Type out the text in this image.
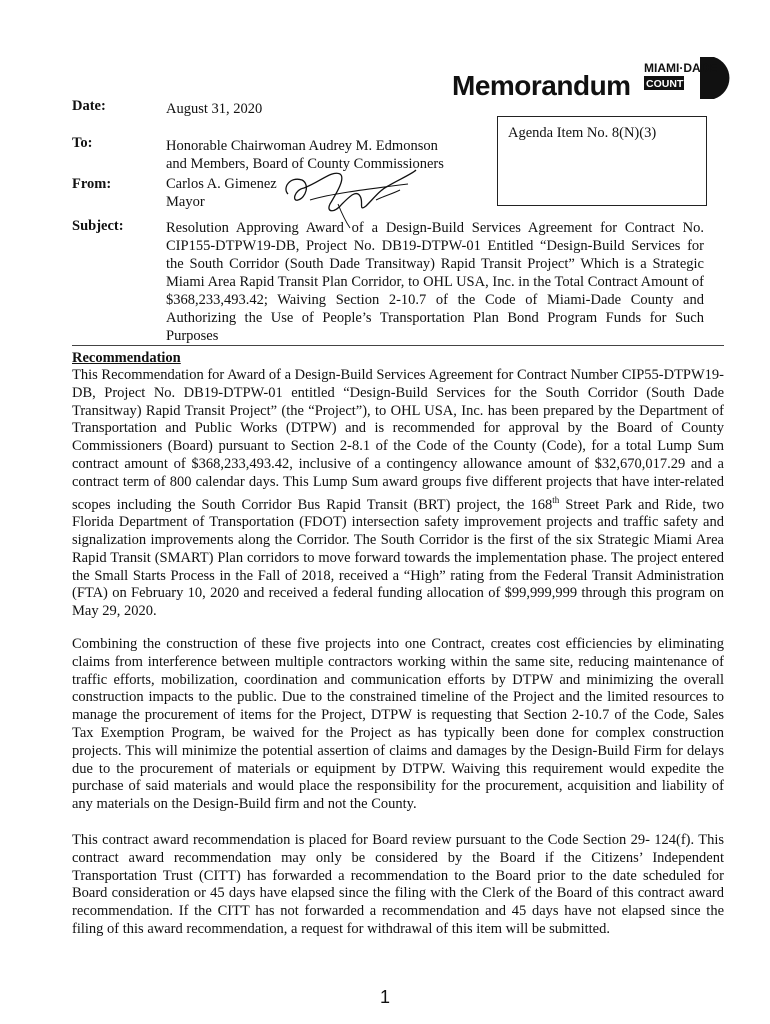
Memorandum
MIAMI·DADE
COUNTY
Date:	August 31, 2020
To:	Honorable Chairwoman Audrey M. Edmonson
and Members, Board of County Commissioners
From:	Carlos A. Gimenez
Mayor
Agenda Item No. 8(N)(3)
Subject:	Resolution Approving Award of a Design-Build Services Agreement for Contract No. CIP155-DTPW19-DB, Project No. DB19-DTPW-01 Entitled “Design-Build Services for the South Corridor (South Dade Transitway) Rapid Transit Project” Which is a Strategic Miami Area Rapid Transit Plan Corridor, to OHL USA, Inc. in the Total Contract Amount of $368,233,493.42; Waiving Section 2-10.7 of the Code of Miami-Dade County and Authorizing the Use of People’s Transportation Plan Bond Program Funds for Such Purposes
Recommendation

This Recommendation for Award of a Design-Build Services Agreement for Contract Number CIP55-DTPW19-DB, Project No. DB19-DTPW-01 entitled “Design-Build Services for the South Corridor (South Dade Transitway) Rapid Transit Project” (the “Project”), to OHL USA, Inc. has been prepared by the Department of Transportation and Public Works (DTPW) and is recommended for approval by the Board of County Commissioners (Board) pursuant to Section 2-8.1 of the Code of the County (Code), for a total Lump Sum contract amount of $368,233,493.42, inclusive of a contingency allowance amount of $32,670,017.29 and a contract term of 800 calendar days. This Lump Sum award groups five different projects that have inter-related scopes including the South Corridor Bus Rapid Transit (BRT) project, the 168th Street Park and Ride, two Florida Department of Transportation (FDOT) intersection safety improvement projects and traffic safety and signalization improvements along the Corridor. The South Corridor is the first of the six Strategic Miami Area Rapid Transit (SMART) Plan corridors to move forward towards the implementation phase. The project entered the Small Starts Process in the Fall of 2018, received a “High” rating from the Federal Transit Administration (FTA) on February 10, 2020 and received a federal funding allocation of $99,999,999 through this program on May 29, 2020.

Combining the construction of these five projects into one Contract, creates cost efficiencies by eliminating claims from interference between multiple contractors working within the same site, reducing maintenance of traffic efforts, mobilization, coordination and communication efforts by DTPW and minimizing the overall construction impacts to the public. Due to the constrained timeline of the Project and the limited resources to manage the procurement of items for the Project, DTPW is requesting that Section 2-10.7 of the Code, Sales Tax Exemption Program, be waived for the Project as has typically been done for complex construction projects. This will minimize the potential assertion of claims and damages by the Design-Build Firm for delays due to the procurement of materials or equipment by DTPW. Waiving this requirement would expedite the purchase of said materials and would place the responsibility for the procurement, acquisition and liability of any materials on the Design-Build firm and not the County.

This contract award recommendation is placed for Board review pursuant to the Code Section 29- 124(f). This contract award recommendation may only be considered by the Board if the Citizens’ Independent Transportation Trust (CITT) has forwarded a recommendation to the Board prior to the date scheduled for Board consideration or 45 days have elapsed since the filing with the Clerk of the Board of this contract award recommendation. If the CITT has not forwarded a recommendation and 45 days have not elapsed since the filing of this award recommendation, a request for withdrawal of this item will be submitted.

1
